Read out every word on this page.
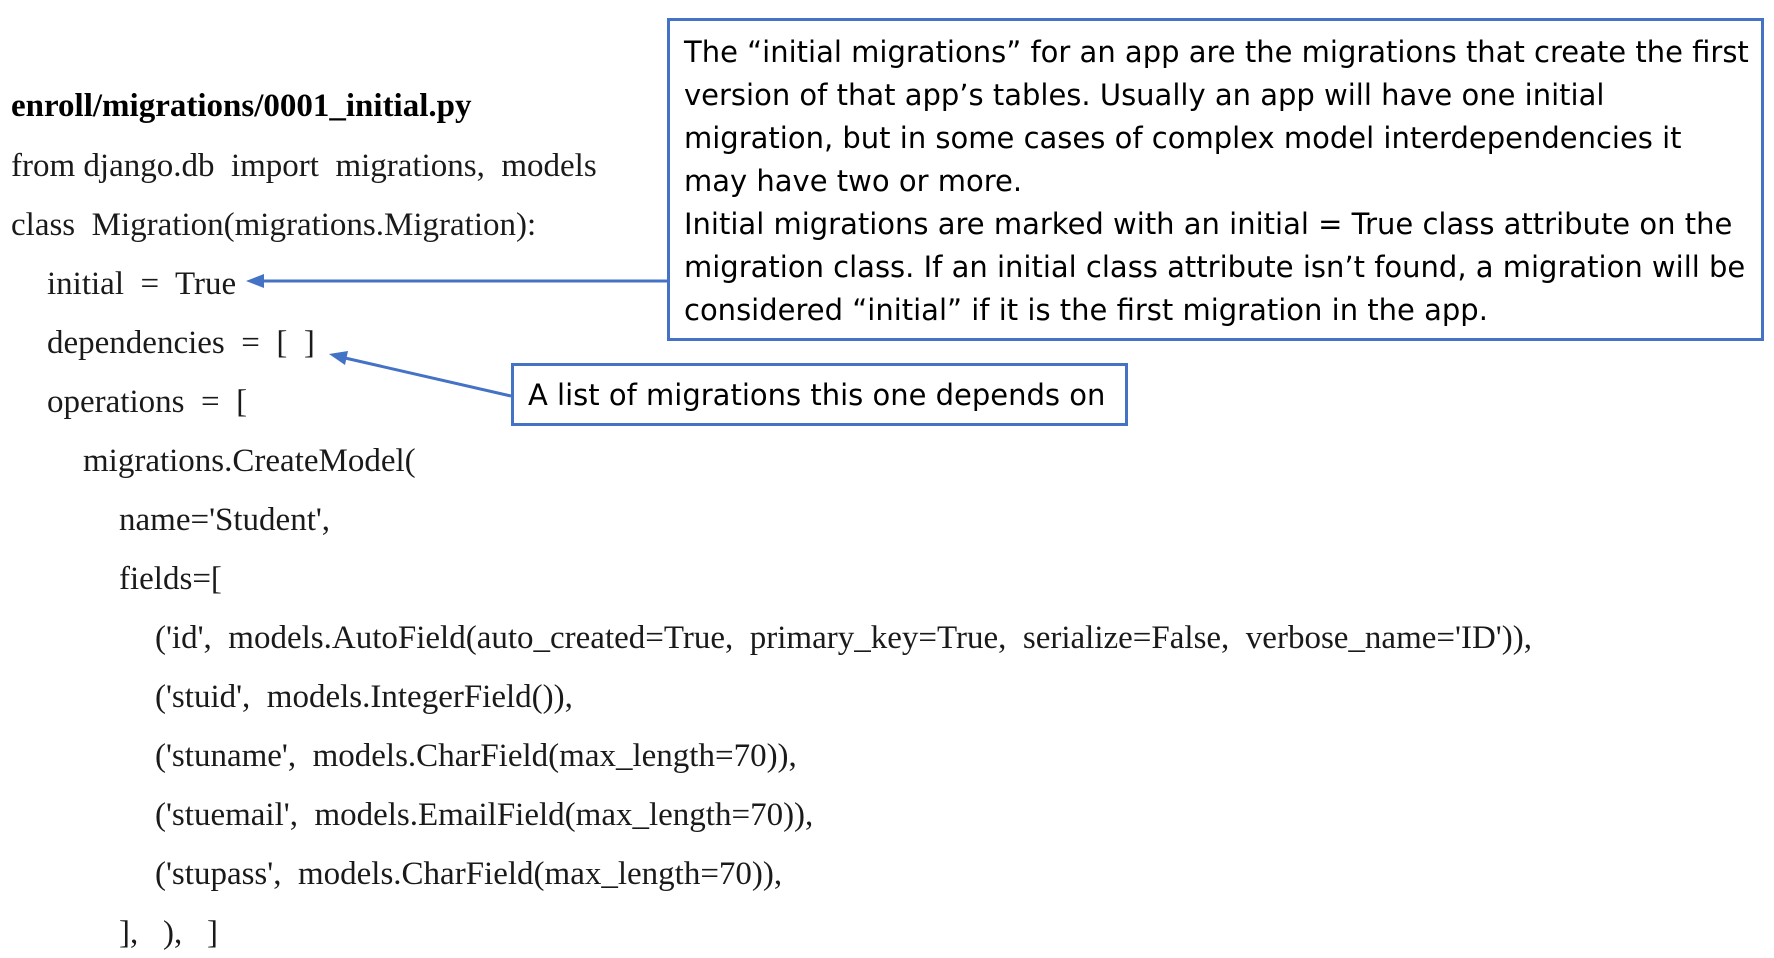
enroll/migrations/0001_initial.py
from django.db  import  migrations,  models
class  Migration(migrations.Migration):
initial  =  True
dependencies  =  [  ]
operations  =  [
migrations.CreateModel(
name='Student',
fields=[
('id',  models.AutoField(auto_created=True,  primary_key=True,  serialize=False,  verbose_name='ID')),
('stuid',  models.IntegerField()),
('stuname',  models.CharField(max_length=70)),
('stuemail',  models.EmailField(max_length=70)),
('stupass',  models.CharField(max_length=70)),
],   ),   ]

The “initial migrations” for an app are the migrations that create the first version of that app’s tables. Usually an app will have one initial migration, but in some cases of complex model interdependencies it may have two or more.

Initial migrations are marked with an initial = True class attribute on the migration class. If an initial class attribute isn’t found, a migration will be considered “initial” if it is the first migration in the app.

A list of migrations this one depends on
